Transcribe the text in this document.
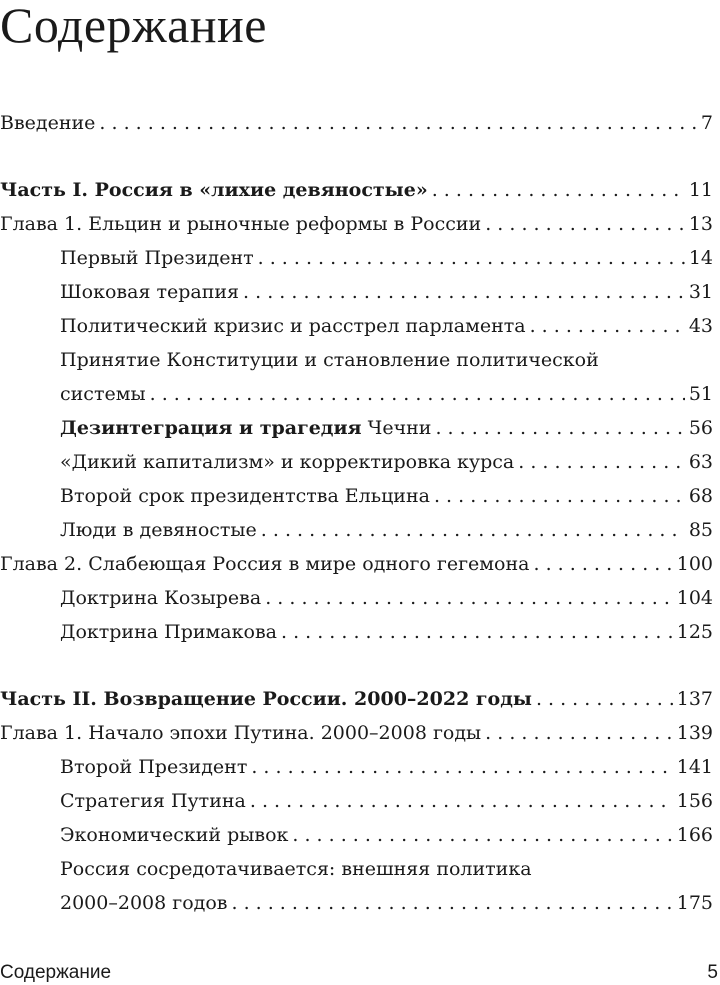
Содержание
Введение . . .	7
Часть I. Россия в «лихие девяностые» . . .	11
Глава 1. Ельцин и рыночные реформы в России . . .	13
Первый Президент . . .	14
Шоковая терапия . . .	31
Политический кризис и расстрел парламента . . .	43
Принятие Конституции и становление политической
системы . . .	51
Дезинтеграция и трагедия Чечни . . .	56
«Дикий капитализм» и корректировка курса . . .	63
Второй срок президентства Ельцина . . .	68
Люди в девяностые . . .	85
Глава 2. Слабеющая Россия в мире одного гегемона . . .	100
Доктрина Козырева . . .	104
Доктрина Примакова . . .	125
Часть II. Возвращение России. 2000–2022 годы . . .	137
Глава 1. Начало эпохи Путина. 2000–2008 годы . . .	139
Второй Президент . . .	141
Стратегия Путина . . .	156
Экономический рывок . . .	166
Россия сосредотачивается: внешняя политика
2000–2008 годов . . .	175
Содержание	5
